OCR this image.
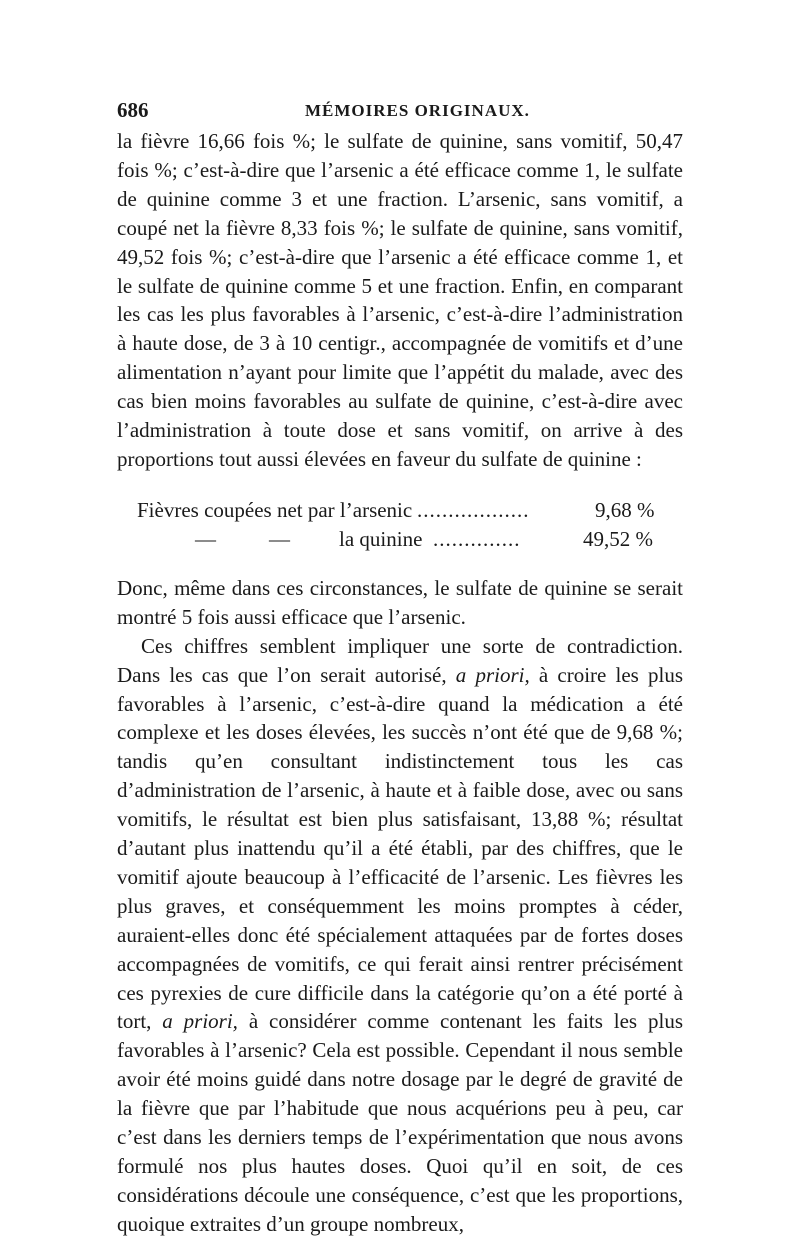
686	MÉMOIRES ORIGINAUX.

la fièvre 16,66 fois %; le sulfate de quinine, sans vomitif, 50,47 fois %; c’est-à-dire que l’arsenic a été efficace comme 1, le sulfate de quinine comme 3 et une fraction. L’arsenic, sans vomitif, a coupé net la fièvre 8,33 fois %; le sulfate de quinine, sans vomitif, 49,52 fois %; c’est-à-dire que l’arsenic a été efficace comme 1, et le sulfate de quinine comme 5 et une fraction. Enfin, en comparant les cas les plus favorables à l’arsenic, c’est-à-dire l’administration à haute dose, de 3 à 10 centigr., accompagnée de vomitifs et d’une alimentation n’ayant pour limite que l’appétit du malade, avec des cas bien moins favorables au sulfate de quinine, c’est-à-dire avec l’administration à toute dose et sans vomitif, on arrive à des proportions tout aussi élevées en faveur du sulfate de quinine :

Fièvres coupées net par l’arsenic ..................	9,68 %
—	— la quinine ..............	49,52 %

Donc, même dans ces circonstances, le sulfate de quinine se serait montré 5 fois aussi efficace que l’arsenic.

Ces chiffres semblent impliquer une sorte de contradiction. Dans les cas que l’on serait autorisé, a priori, à croire les plus favorables à l’arsenic, c’est-à-dire quand la médication a été complexe et les doses élevées, les succès n’ont été que de 9,68 %; tandis qu’en consultant indistinctement tous les cas d’administration de l’arsenic, à haute et à faible dose, avec ou sans vomitifs, le résultat est bien plus satisfaisant, 13,88 %; résultat d’autant plus inattendu qu’il a été établi, par des chiffres, que le vomitif ajoute beaucoup à l’efficacité de l’arsenic. Les fièvres les plus graves, et conséquemment les moins promptes à céder, auraient-elles donc été spécialement attaquées par de fortes doses accompagnées de vomitifs, ce qui ferait ainsi rentrer précisément ces pyrexies de cure difficile dans la catégorie qu’on a été porté à tort, a priori, à considérer comme contenant les faits les plus favorables à l’arsenic? Cela est possible. Cependant il nous semble avoir été moins guidé dans notre dosage par le degré de gravité de la fièvre que par l’habitude que nous acquérions peu à peu, car c’est dans les derniers temps de l’expérimentation que nous avons formulé nos plus hautes doses. Quoi qu’il en soit, de ces considérations découle une conséquence, c’est que les proportions, quoique extraites d’un groupe nombreux,
